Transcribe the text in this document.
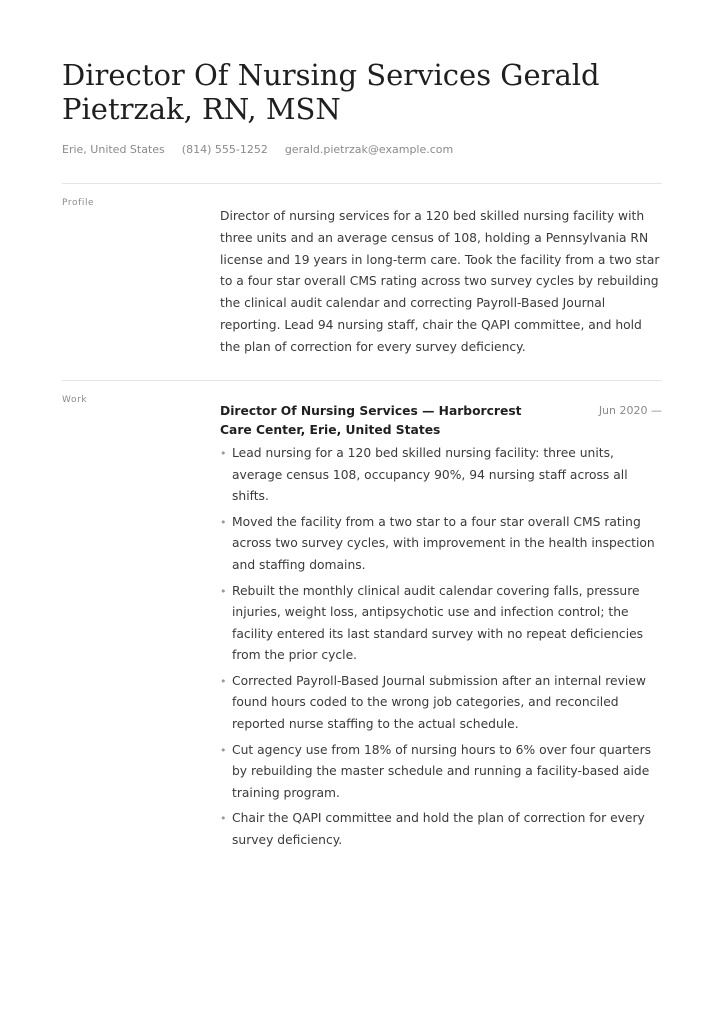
Director Of Nursing Services Gerald Pietrzak, RN, MSN
Erie, United States (814) 555-1252 gerald.pietrzak@example.com
Profile

Director of nursing services for a 120 bed skilled nursing facility with three units and an average census of 108, holding a Pennsylvania RN license and 19 years in long-term care. Took the facility from a two star to a four star overall CMS rating across two survey cycles by rebuilding the clinical audit calendar and correcting Payroll-Based Journal reporting. Lead 94 nursing staff, chair the QAPI committee, and hold the plan of correction for every survey deficiency.

Work
Director Of Nursing Services — Harborcrest Care Center, Erie, United States
Jun 2020 —
• Lead nursing for a 120 bed skilled nursing facility: three units, average census 108, occupancy 90%, 94 nursing staff across all shifts.
• Moved the facility from a two star to a four star overall CMS rating across two survey cycles, with improvement in the health inspection and staffing domains.
• Rebuilt the monthly clinical audit calendar covering falls, pressure injuries, weight loss, antipsychotic use and infection control; the facility entered its last standard survey with no repeat deficiencies from the prior cycle.
• Corrected Payroll-Based Journal submission after an internal review found hours coded to the wrong job categories, and reconciled reported nurse staffing to the actual schedule.
• Cut agency use from 18% of nursing hours to 6% over four quarters by rebuilding the master schedule and running a facility-based aide training program.
• Chair the QAPI committee and hold the plan of correction for every survey deficiency.
